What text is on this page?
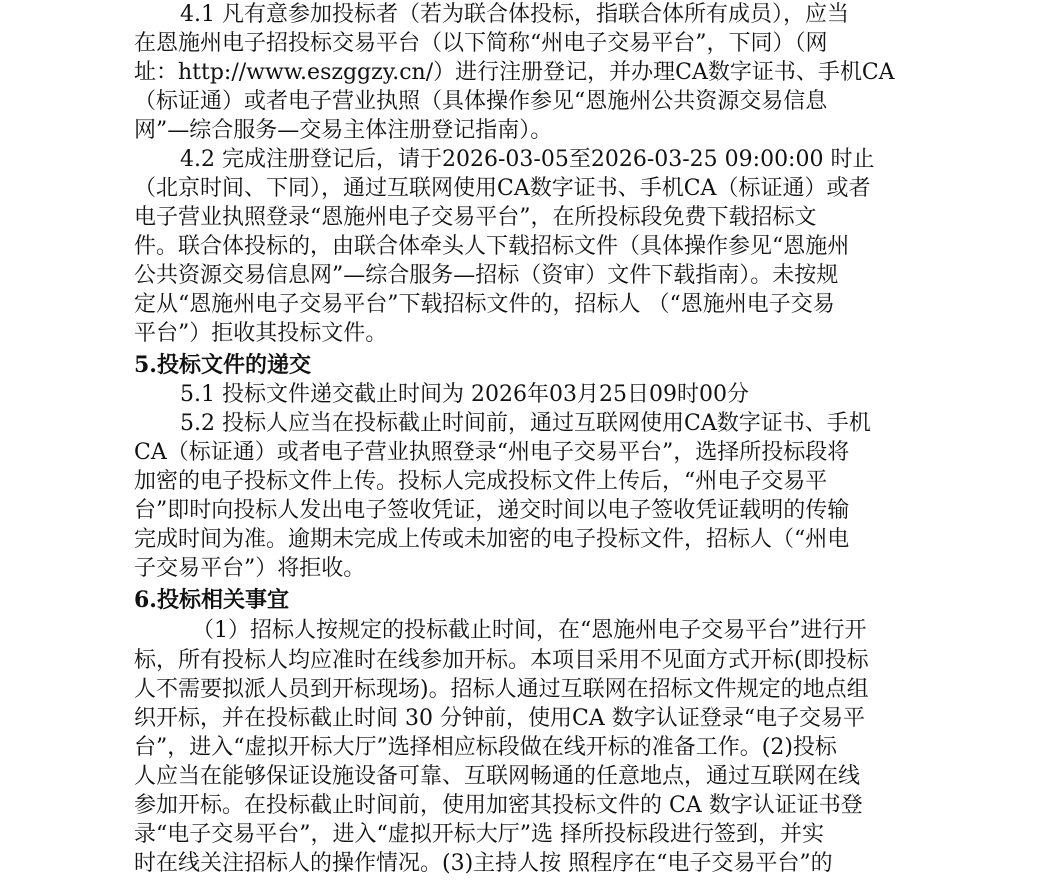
4.1 凡有意参加投标者（若为联合体投标，指联合体所有成员），应当
在恩施州电子招投标交易平台（以下简称“州电子交易平台”，下同）（网
址：http://www.eszggzy.cn/）进行注册登记，并办理CA数字证书、手机CA
（标证通）或者电子营业执照（具体操作参见“恩施州公共资源交易信息
网”—综合服务—交易主体注册登记指南）。
4.2 完成注册登记后，请于2026-03-05至2026-03-25 09:00:00 时止
（北京时间、下同），通过互联网使用CA数字证书、手机CA（标证通）或者
电子营业执照登录“恩施州电子交易平台”，在所投标段免费下载招标文
件。联合体投标的，由联合体牵头人下载招标文件（具体操作参见“恩施州
公共资源交易信息网”—综合服务—招标（资审）文件下载指南）。未按规
定从“恩施州电子交易平台”下载招标文件的，招标人 （“恩施州电子交易
平台”）拒收其投标文件。
5.投标文件的递交
5.1 投标文件递交截止时间为 2026年03月25日09时00分
5.2 投标人应当在投标截止时间前，通过互联网使用CA数字证书、手机
CA（标证通）或者电子营业执照登录“州电子交易平台”，选择所投标段将
加密的电子投标文件上传。投标人完成投标文件上传后，“州电子交易平
台”即时向投标人发出电子签收凭证，递交时间以电子签收凭证载明的传输
完成时间为准。逾期未完成上传或未加密的电子投标文件，招标人（“州电
子交易平台”）将拒收。
6.投标相关事宜
（1）招标人按规定的投标截止时间，在“恩施州电子交易平台”进行开
标，所有投标人均应准时在线参加开标。本项目采用不见面方式开标(即投标
人不需要拟派人员到开标现场)。招标人通过互联网在招标文件规定的地点组
织开标，并在投标截止时间 30 分钟前，使用CA 数字认证登录“电子交易平
台”，进入“虚拟开标大厅”选择相应标段做在线开标的准备工作。(2)投标
人应当在能够保证设施设备可靠、互联网畅通的任意地点，通过互联网在线
参加开标。在投标截止时间前，使用加密其投标文件的 CA 数字认证证书登
录“电子交易平台”，进入“虚拟开标大厅”选 择所投标段进行签到，并实
时在线关注招标人的操作情况。(3)主持人按 照程序在“电子交易平台”的
